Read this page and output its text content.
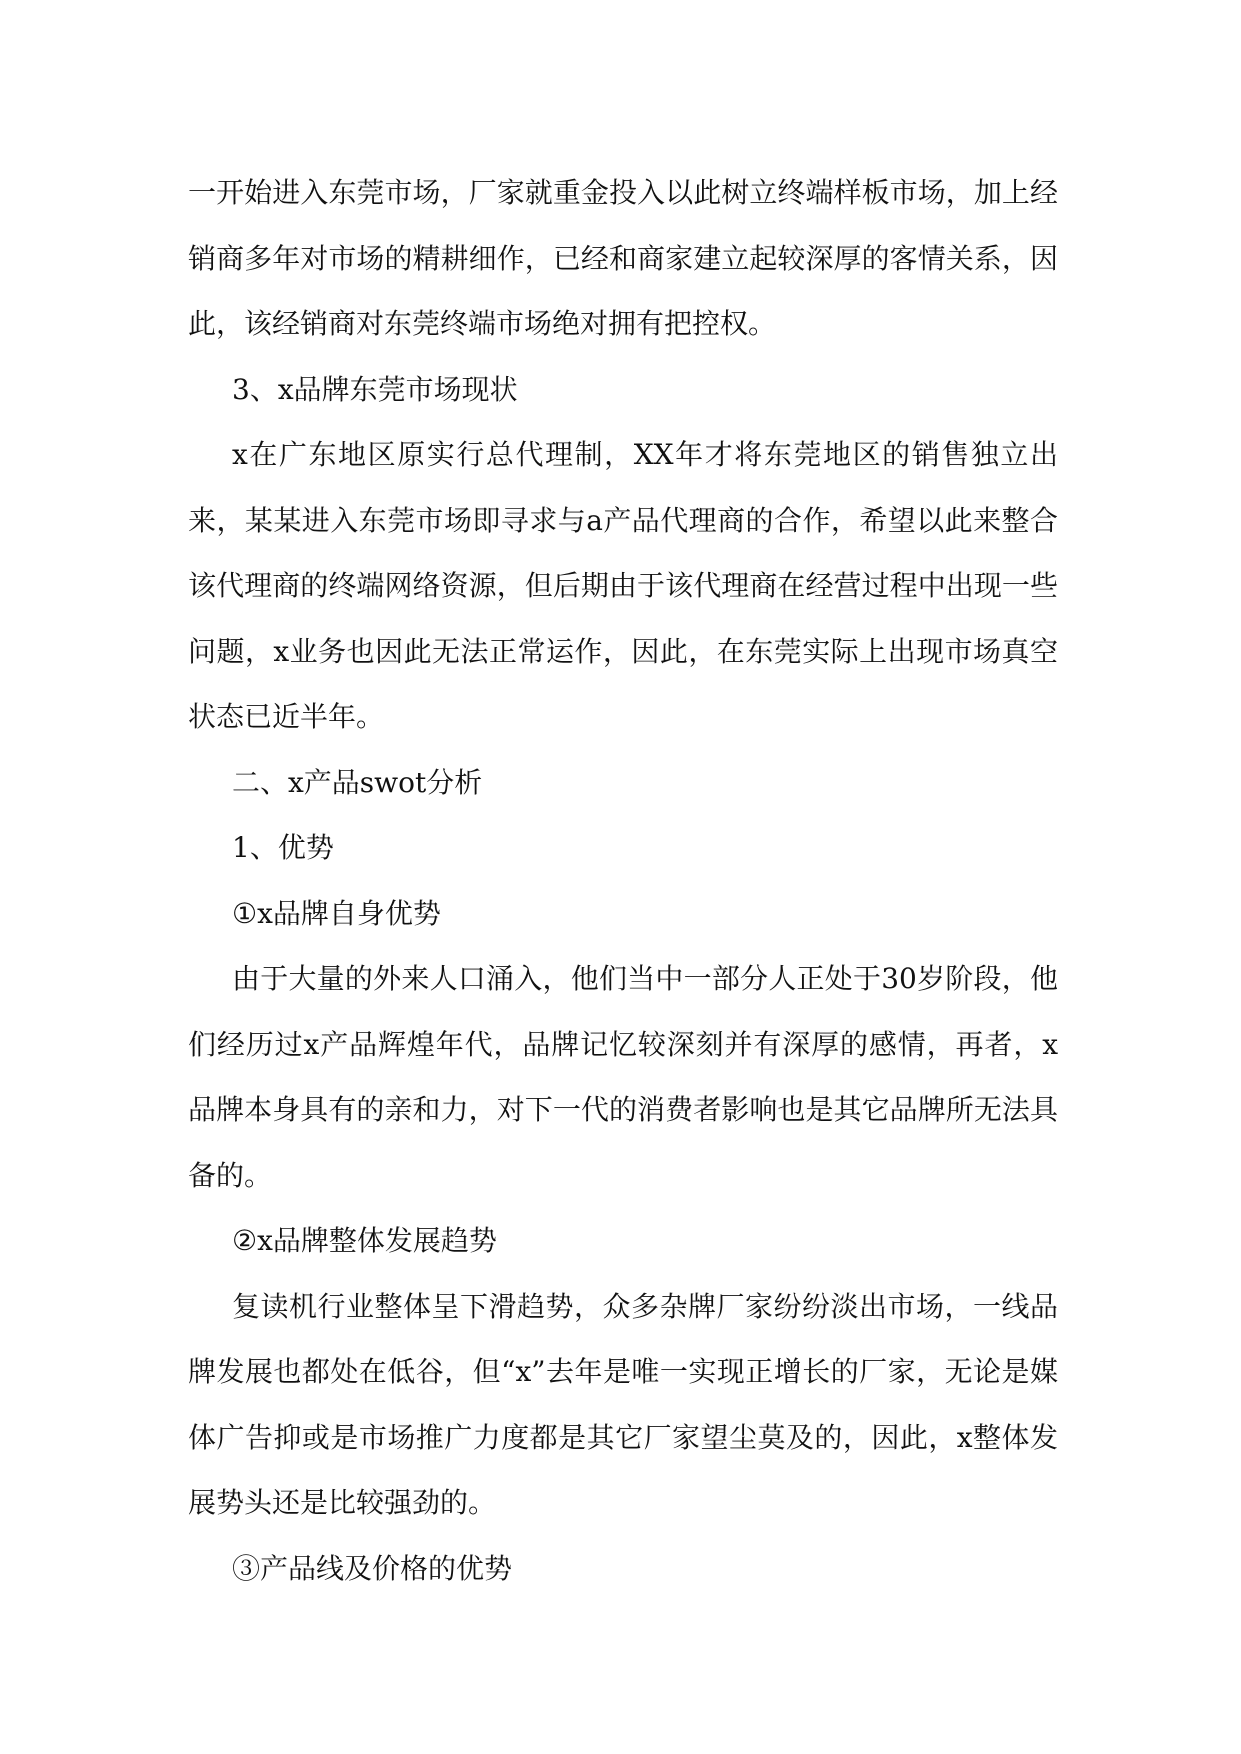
一开始进入东莞市场，厂家就重金投入以此树立终端样板市场，加上经销商多年对市场的精耕细作，已经和商家建立起较深厚的客情关系，因此，该经销商对东莞终端市场绝对拥有把控权。

3、x品牌东莞市场现状

x在广东地区原实行总代理制，XX年才将东莞地区的销售独立出来，某某进入东莞市场即寻求与a产品代理商的合作，希望以此来整合该代理商的终端网络资源，但后期由于该代理商在经营过程中出现一些问题，x业务也因此无法正常运作，因此，在东莞实际上出现市场真空状态已近半年。

二、x产品swot分析

1、优势

①x品牌自身优势

由于大量的外来人口涌入，他们当中一部分人正处于30岁阶段，他们经历过x产品辉煌年代，品牌记忆较深刻并有深厚的感情，再者，x品牌本身具有的亲和力，对下一代的消费者影响也是其它品牌所无法具备的。

②x品牌整体发展趋势

复读机行业整体呈下滑趋势，众多杂牌厂家纷纷淡出市场，一线品牌发展也都处在低谷，但“x”去年是唯一实现正增长的厂家，无论是媒体广告抑或是市场推广力度都是其它厂家望尘莫及的，因此，x整体发展势头还是比较强劲的。

③产品线及价格的优势
